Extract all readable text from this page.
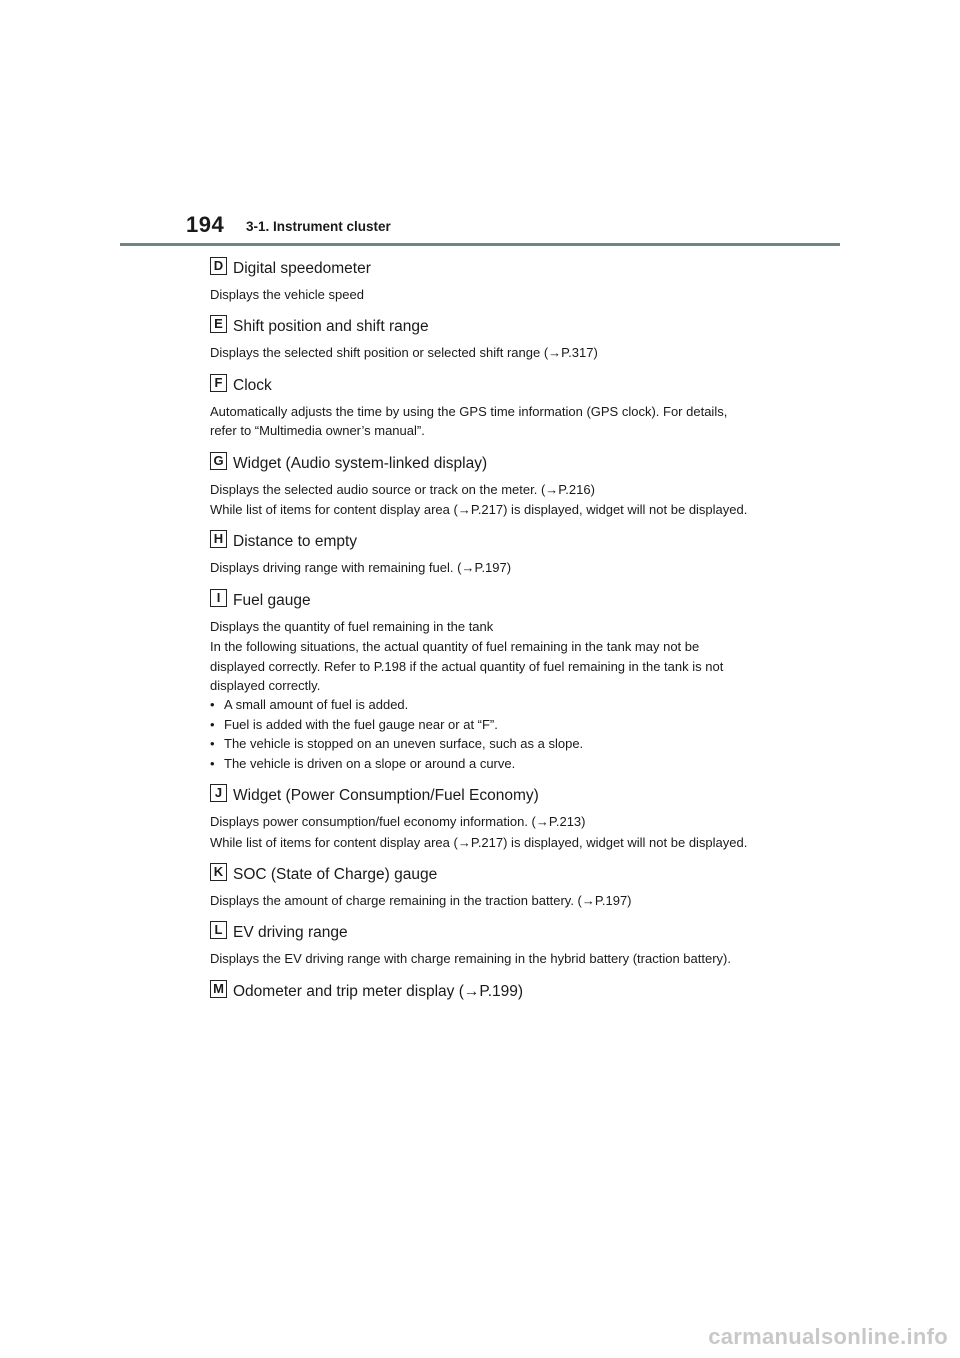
194 3-1. Instrument cluster
D Digital speedometer

Displays the vehicle speed

E Shift position and shift range

Displays the selected shift position or selected shift range (→P.317)

F Clock

Automatically adjusts the time by using the GPS time information (GPS clock). For details, refer to “Multimedia owner’s manual”.

G Widget (Audio system-linked display)

Displays the selected audio source or track on the meter. (→P.216)

While list of items for content display area (→P.217) is displayed, widget will not be displayed.

H Distance to empty

Displays driving range with remaining fuel. (→P.197)

I Fuel gauge

Displays the quantity of fuel remaining in the tank

In the following situations, the actual quantity of fuel remaining in the tank may not be displayed correctly. Refer to P.198 if the actual quantity of fuel remaining in the tank is not displayed correctly.

• A small amount of fuel is added.
• Fuel is added with the fuel gauge near or at “F”.
• The vehicle is stopped on an uneven surface, such as a slope.
• The vehicle is driven on a slope or around a curve.
J Widget (Power Consumption/Fuel Economy)

Displays power consumption/fuel economy information. (→P.213)

While list of items for content display area (→P.217) is displayed, widget will not be displayed.

K SOC (State of Charge) gauge

Displays the amount of charge remaining in the traction battery. (→P.197)

L EV driving range

Displays the EV driving range with charge remaining in the hybrid battery (traction battery).

M Odometer and trip meter display (→P.199)
carmanualsonline.info
